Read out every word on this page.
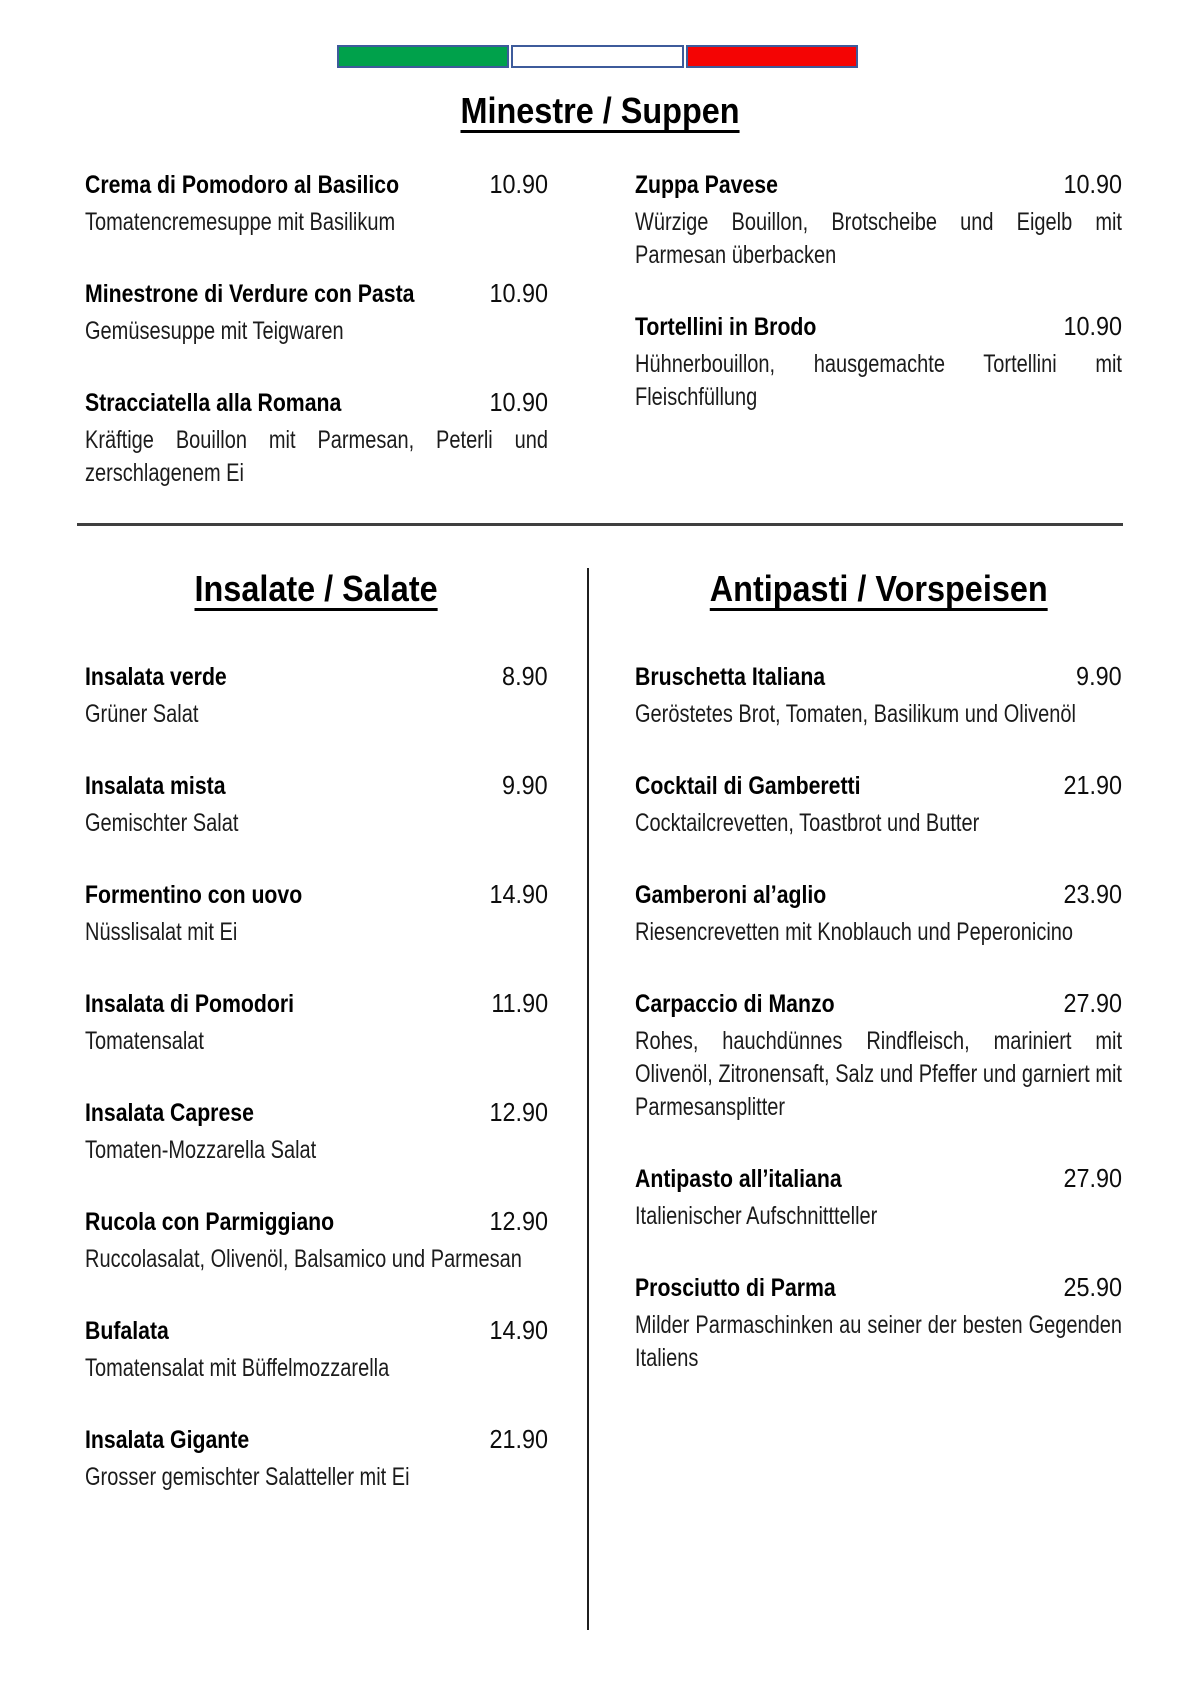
Minestre / Suppen
Crema di Pomodoro al Basilico	10.90

Tomatencremesuppe mit Basilikum

Minestrone di Verdure con Pasta	10.90

Gemüsesuppe mit Teigwaren

Stracciatella alla Romana	10.90

Kräftige Bouillon mit Parmesan, Peterli und zerschlagenem Ei

Zuppa Pavese	10.90

Würzige Bouillon, Brotscheibe und Eigelb mit Parmesan überbacken

Tortellini in Brodo	10.90

Hühnerbouillon, hausgemachte Tortellini mit Fleischfüllung

Insalate / Salate
Insalata verde	8.90

Grüner Salat

Insalata mista	9.90

Gemischter Salat

Formentino con uovo	14.90

Nüsslisalat mit Ei

Insalata di Pomodori	11.90

Tomatensalat

Insalata Caprese	12.90

Tomaten-Mozzarella Salat

Rucola con Parmiggiano	12.90

Ruccolasalat, Olivenöl, Balsamico und Parmesan

Bufalata	14.90

Tomatensalat mit Büffelmozzarella

Insalata Gigante	21.90

Grosser gemischter Salatteller mit Ei

Antipasti / Vorspeisen
Bruschetta Italiana	9.90

Geröstetes Brot, Tomaten, Basilikum und Olivenöl

Cocktail di Gamberetti	21.90

Cocktailcrevetten, Toastbrot und Butter

Gamberoni al’aglio	23.90

Riesencrevetten mit Knoblauch und Peperonicino

Carpaccio di Manzo	27.90

Rohes, hauchdünnes Rindfleisch, mariniert mit Olivenöl, Zitronensaft, Salz und Pfeffer und garniert mit Parmesansplitter

Antipasto all’italiana	27.90

Italienischer Aufschnittteller

Prosciutto di Parma	25.90

Milder Parmaschinken au seiner der besten Gegenden Italiens
